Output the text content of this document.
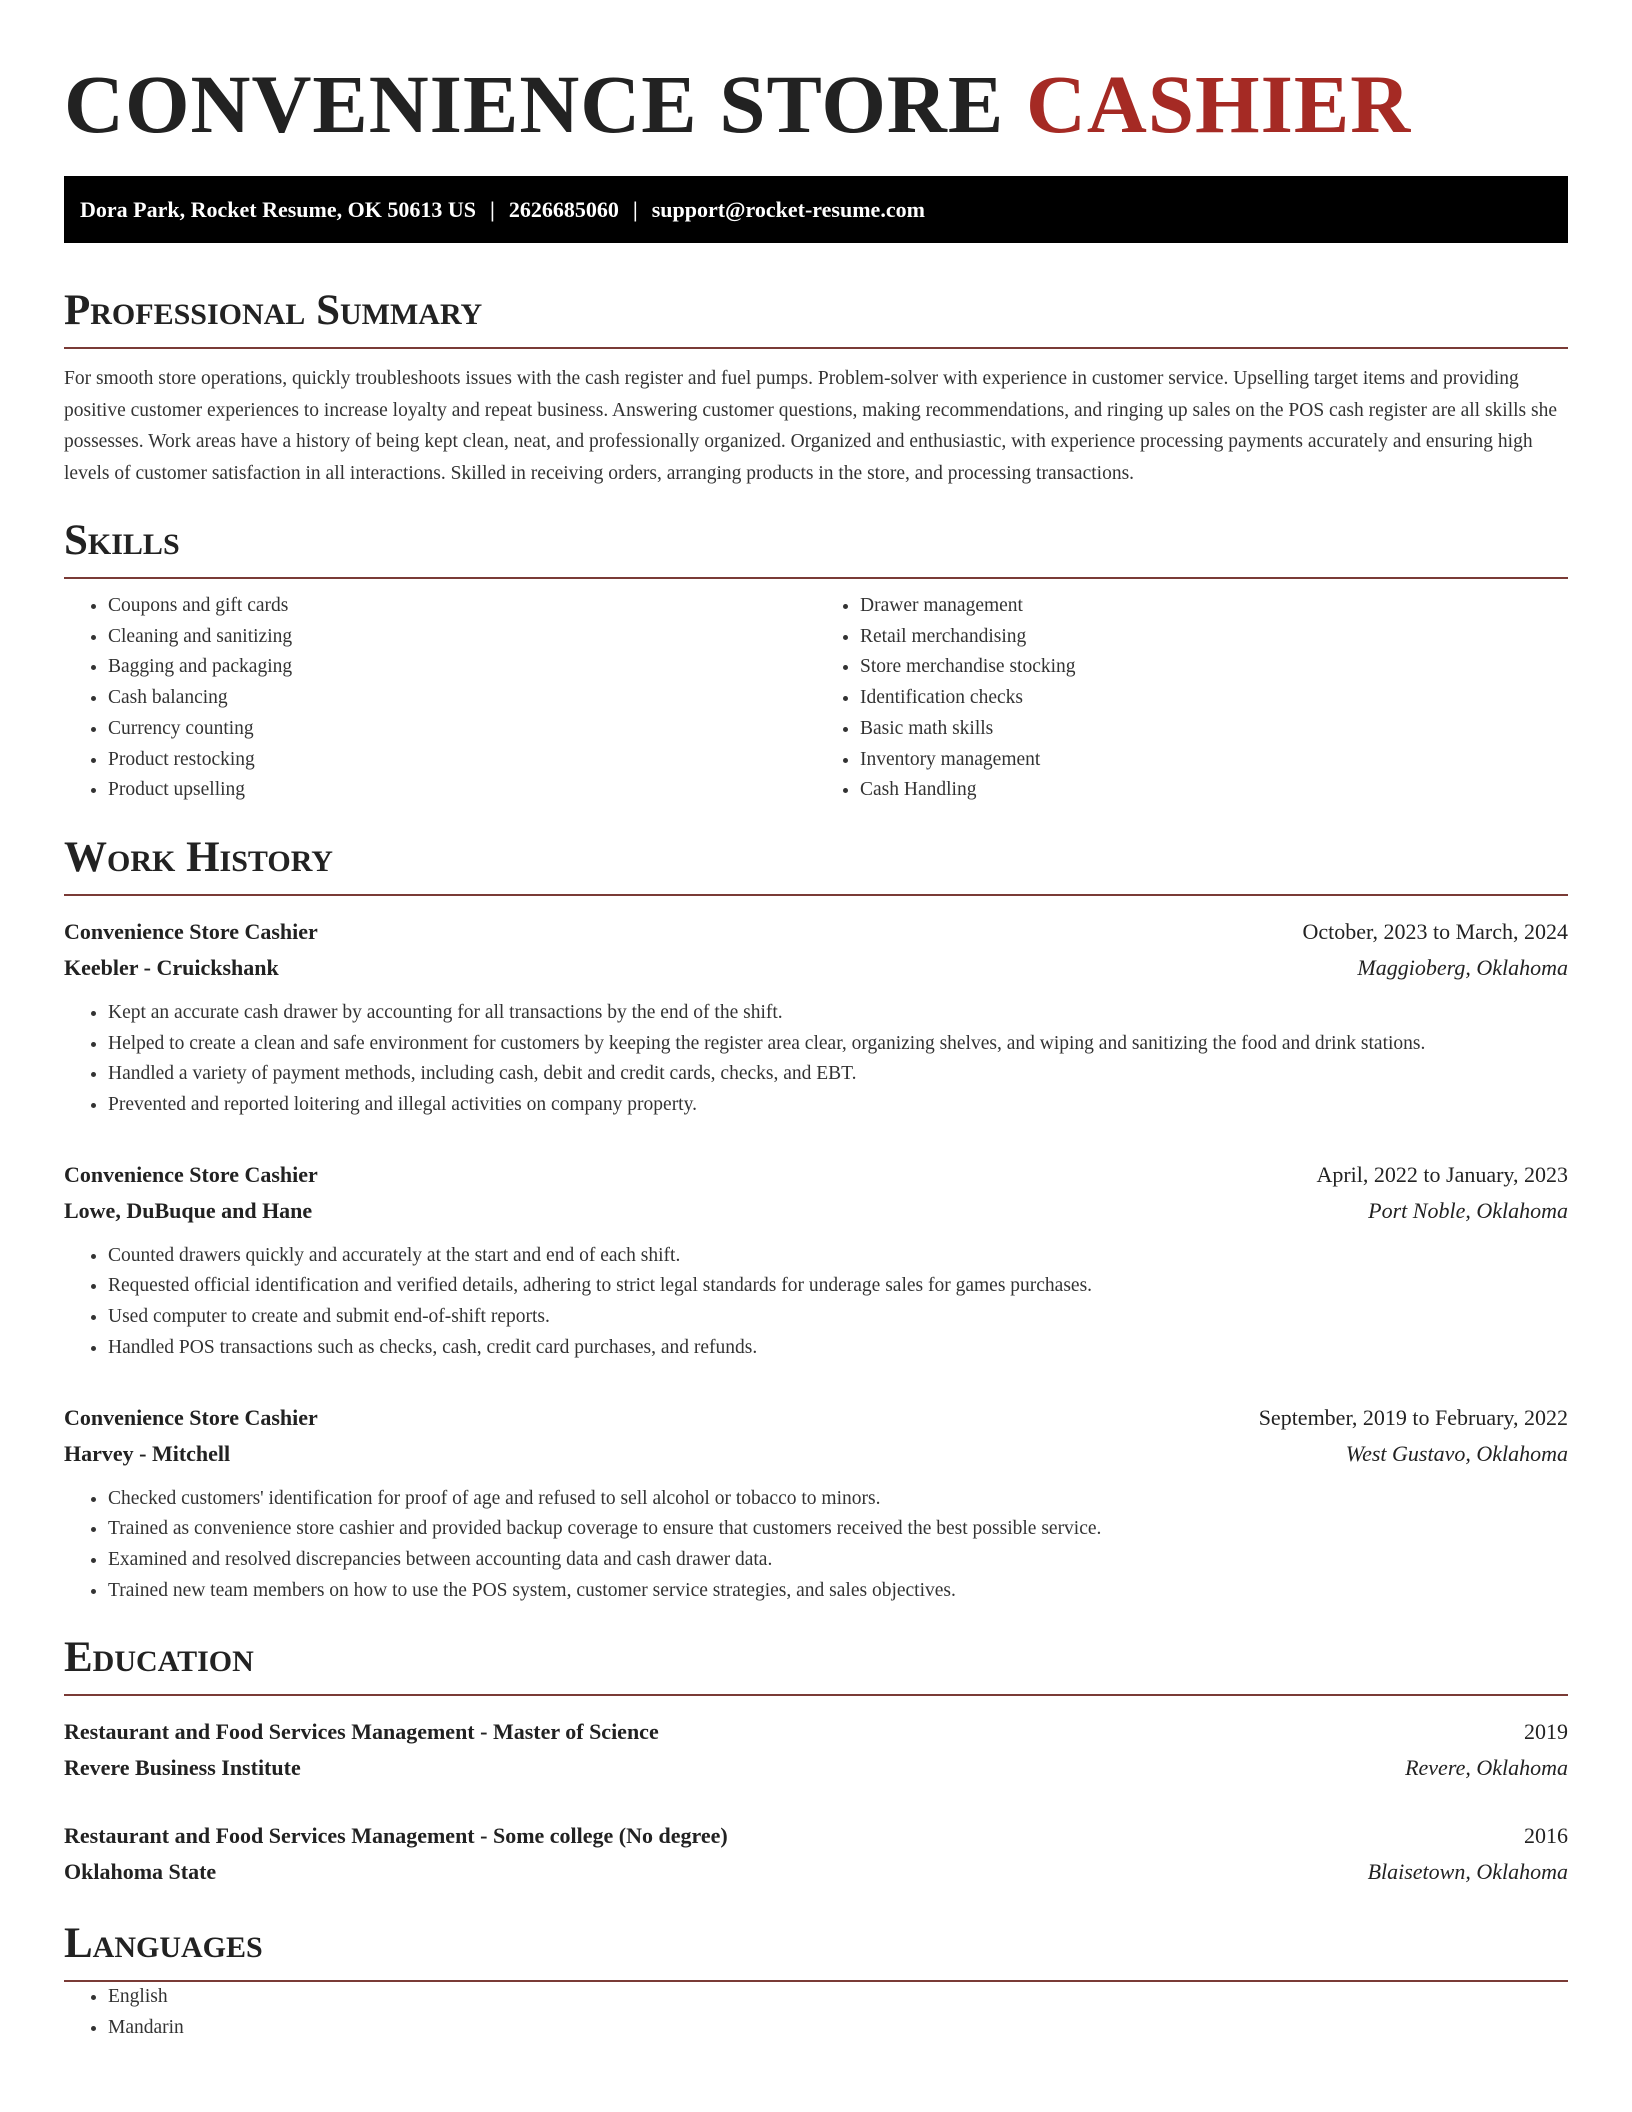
CONVENIENCE STORE CASHIER
Dora Park, Rocket Resume, OK 50613 US | 2626685060 | support@rocket-resume.com
Professional Summary

For smooth store operations, quickly troubleshoots issues with the cash register and fuel pumps. Problem-solver with experience in customer service. Upselling target items and providing positive customer experiences to increase loyalty and repeat business. Answering customer questions, making recommendations, and ringing up sales on the POS cash register are all skills she possesses. Work areas have a history of being kept clean, neat, and professionally organized. Organized and enthusiastic, with experience processing payments accurately and ensuring high levels of customer satisfaction in all interactions. Skilled in receiving orders, arranging products in the store, and processing transactions.

Skills
• Coupons and gift cards
• Cleaning and sanitizing
• Bagging and packaging
• Cash balancing
• Currency counting
• Product restocking
• Product upselling
• Drawer management
• Retail merchandising
• Store merchandise stocking
• Identification checks
• Basic math skills
• Inventory management
• Cash Handling
Work History
Convenience Store Cashier	October, 2023 to March, 2024
Keebler - Cruickshank	Maggioberg, Oklahoma
• Kept an accurate cash drawer by accounting for all transactions by the end of the shift.
• Helped to create a clean and safe environment for customers by keeping the register area clear, organizing shelves, and wiping and sanitizing the food and drink stations.
• Handled a variety of payment methods, including cash, debit and credit cards, checks, and EBT.
• Prevented and reported loitering and illegal activities on company property.
Convenience Store Cashier	April, 2022 to January, 2023
Lowe, DuBuque and Hane	Port Noble, Oklahoma
• Counted drawers quickly and accurately at the start and end of each shift.
• Requested official identification and verified details, adhering to strict legal standards for underage sales for games purchases.
• Used computer to create and submit end-of-shift reports.
• Handled POS transactions such as checks, cash, credit card purchases, and refunds.
Convenience Store Cashier	September, 2019 to February, 2022
Harvey - Mitchell	West Gustavo, Oklahoma
• Checked customers' identification for proof of age and refused to sell alcohol or tobacco to minors.
• Trained as convenience store cashier and provided backup coverage to ensure that customers received the best possible service.
• Examined and resolved discrepancies between accounting data and cash drawer data.
• Trained new team members on how to use the POS system, customer service strategies, and sales objectives.
Education
Restaurant and Food Services Management - Master of Science	2019
Revere Business Institute	Revere, Oklahoma
Restaurant and Food Services Management - Some college (No degree)	2016
Oklahoma State	Blaisetown, Oklahoma
Languages
• English
• Mandarin
